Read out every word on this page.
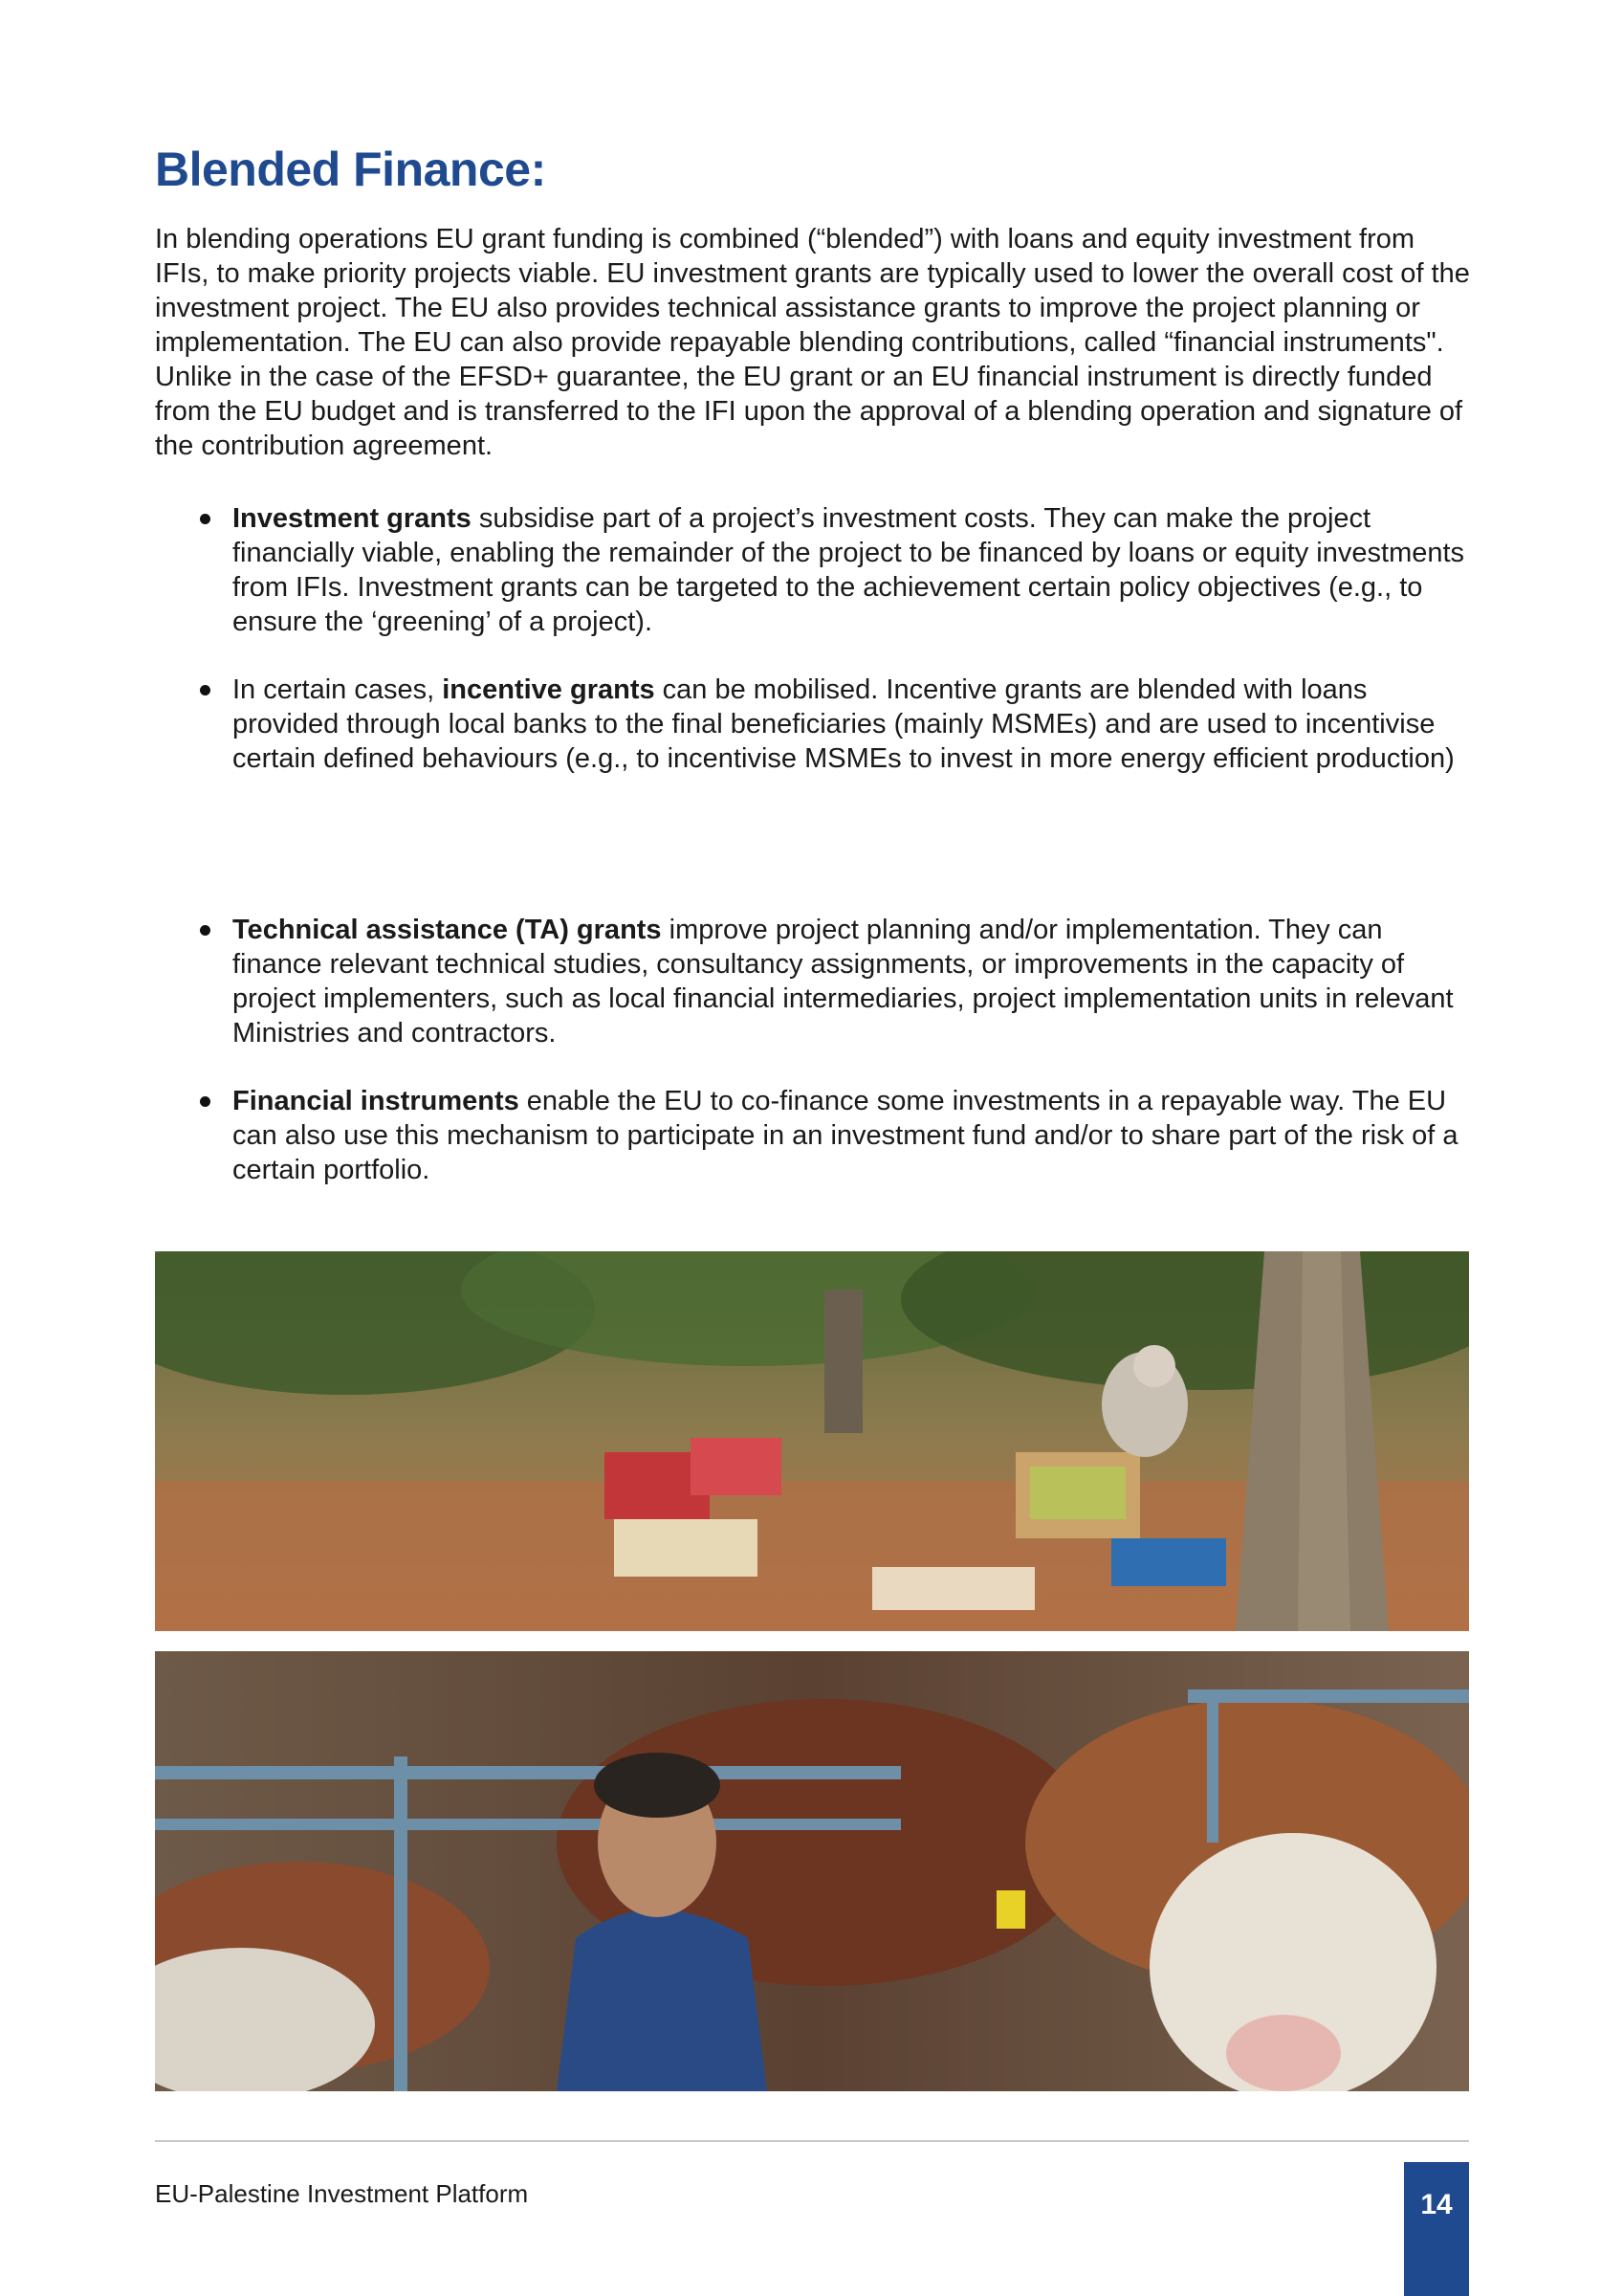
Blended Finance:

In blending operations EU grant funding is combined (“blended”) with loans and equity investment from IFIs, to make priority projects viable. EU investment grants are typically used to lower the overall cost of the investment project. The EU also provides technical assistance grants to improve the project planning or implementation. The EU can also provide repayable blending contributions, called “financial instruments". Unlike in the case of the EFSD+ guarantee, the EU grant or an EU financial instrument is directly funded from the EU budget and is transferred to the IFI upon the approval of a blending operation and signature of the contribution agreement.

Investment grants subsidise part of a project’s investment costs. They can make the project financially viable, enabling the remainder of the project to be financed by loans or equity investments from IFIs. Investment grants can be targeted to the achievement certain policy objectives (e.g., to ensure the ‘greening’ of a project).
In certain cases, incentive grants can be mobilised. Incentive grants are blended with loans provided through local banks to the final beneficiaries (mainly MSMEs) and are used to incentivise certain defined behaviours (e.g., to incentivise MSMEs to invest in more energy efficient production)
Technical assistance (TA) grants improve project planning and/or implementation. They can finance relevant technical studies, consultancy assignments, or improvements in the capacity of project implementers, such as local financial intermediaries, project implementation units in relevant Ministries and contractors.
Financial instruments enable the EU to co-finance some investments in a repayable way. The EU can also use this mechanism to participate in an investment fund and/or to share part of the risk of a certain portfolio.
EU-Palestine Investment Platform	14
